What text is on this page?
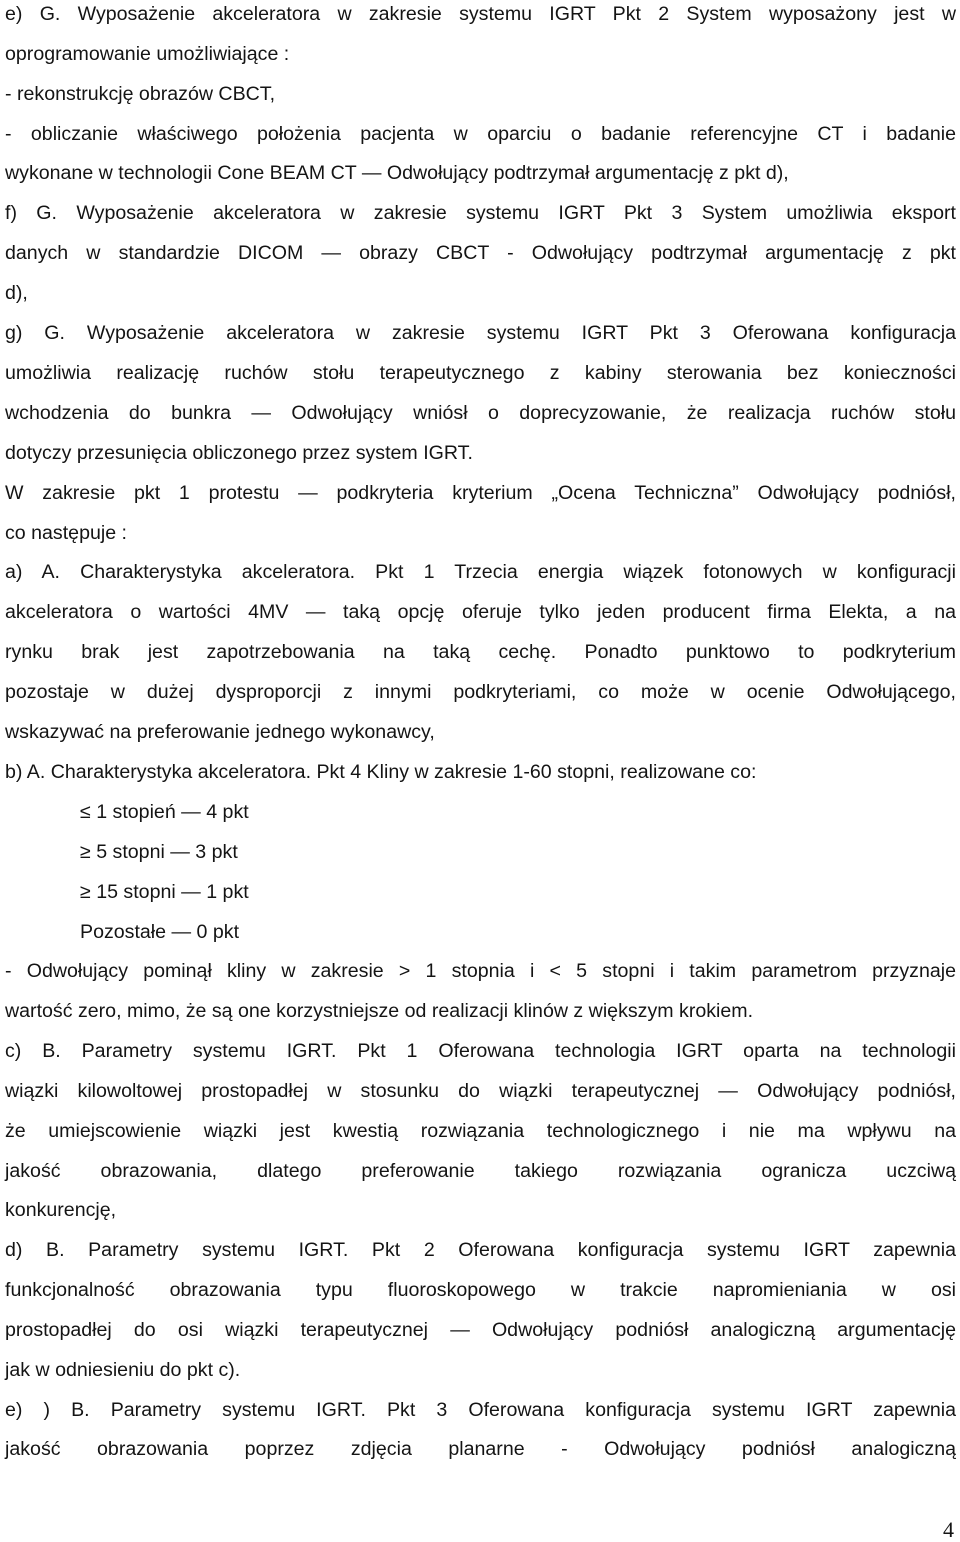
e) G. Wyposażenie akceleratora w zakresie systemu IGRT Pkt 2 System wyposażony jest w
oprogramowanie umożliwiające :
- rekonstrukcję obrazów CBCT,
- obliczanie właściwego położenia pacjenta w oparciu o badanie referencyjne CT i badanie
wykonane w technologii Cone BEAM CT — Odwołujący podtrzymał argumentację z pkt d),
f) G. Wyposażenie akceleratora w zakresie systemu IGRT Pkt 3 System umożliwia eksport
danych w standardzie DICOM — obrazy CBCT - Odwołujący podtrzymał argumentację z pkt
d),
g) G. Wyposażenie akceleratora w zakresie systemu IGRT Pkt 3 Oferowana konfiguracja
umożliwia realizację ruchów stołu terapeutycznego z kabiny sterowania bez konieczności
wchodzenia do bunkra — Odwołujący wniósł o doprecyzowanie, że realizacja ruchów stołu
dotyczy przesunięcia obliczonego przez system IGRT.
W zakresie pkt 1 protestu — podkryteria kryterium „Ocena Techniczna” Odwołujący podniósł,
co następuje :
a) A. Charakterystyka akceleratora. Pkt 1 Trzecia energia wiązek fotonowych w konfiguracji
akceleratora o wartości 4MV — taką opcję oferuje tylko jeden producent firma Elekta, a na
rynku brak jest zapotrzebowania na taką cechę. Ponadto punktowo to podkryterium
pozostaje w dużej dysproporcji z innymi podkryteriami, co może w ocenie Odwołującego,
wskazywać na preferowanie jednego wykonawcy,
b) A. Charakterystyka akceleratora. Pkt 4 Kliny w zakresie 1-60 stopni, realizowane co:
≤ 1 stopień — 4 pkt
≥ 5 stopni — 3 pkt
≥ 15 stopni — 1 pkt
Pozostałe — 0 pkt
- Odwołujący pominął kliny w zakresie > 1 stopnia i < 5 stopni i takim parametrom przyznaje
wartość zero, mimo, że są one korzystniejsze od realizacji klinów z większym krokiem.
c) B. Parametry systemu IGRT. Pkt 1 Oferowana technologia IGRT oparta na technologii
wiązki kilowoltowej prostopadłej w stosunku do wiązki terapeutycznej — Odwołujący podniósł,
że umiejscowienie wiązki jest kwestią rozwiązania technologicznego i nie ma wpływu na
jakość obrazowania, dlatego preferowanie takiego rozwiązania ogranicza uczciwą
konkurencję,
d) B. Parametry systemu IGRT. Pkt 2 Oferowana konfiguracja systemu IGRT zapewnia
funkcjonalność obrazowania typu fluoroskopowego w trakcie napromieniania w osi
prostopadłej do osi wiązki terapeutycznej — Odwołujący podniósł analogiczną argumentację
jak w odniesieniu do pkt c).
e) ) B. Parametry systemu IGRT. Pkt 3 Oferowana konfiguracja systemu IGRT zapewnia
jakość obrazowania poprzez zdjęcia planarne - Odwołujący podniósł analogiczną
4
